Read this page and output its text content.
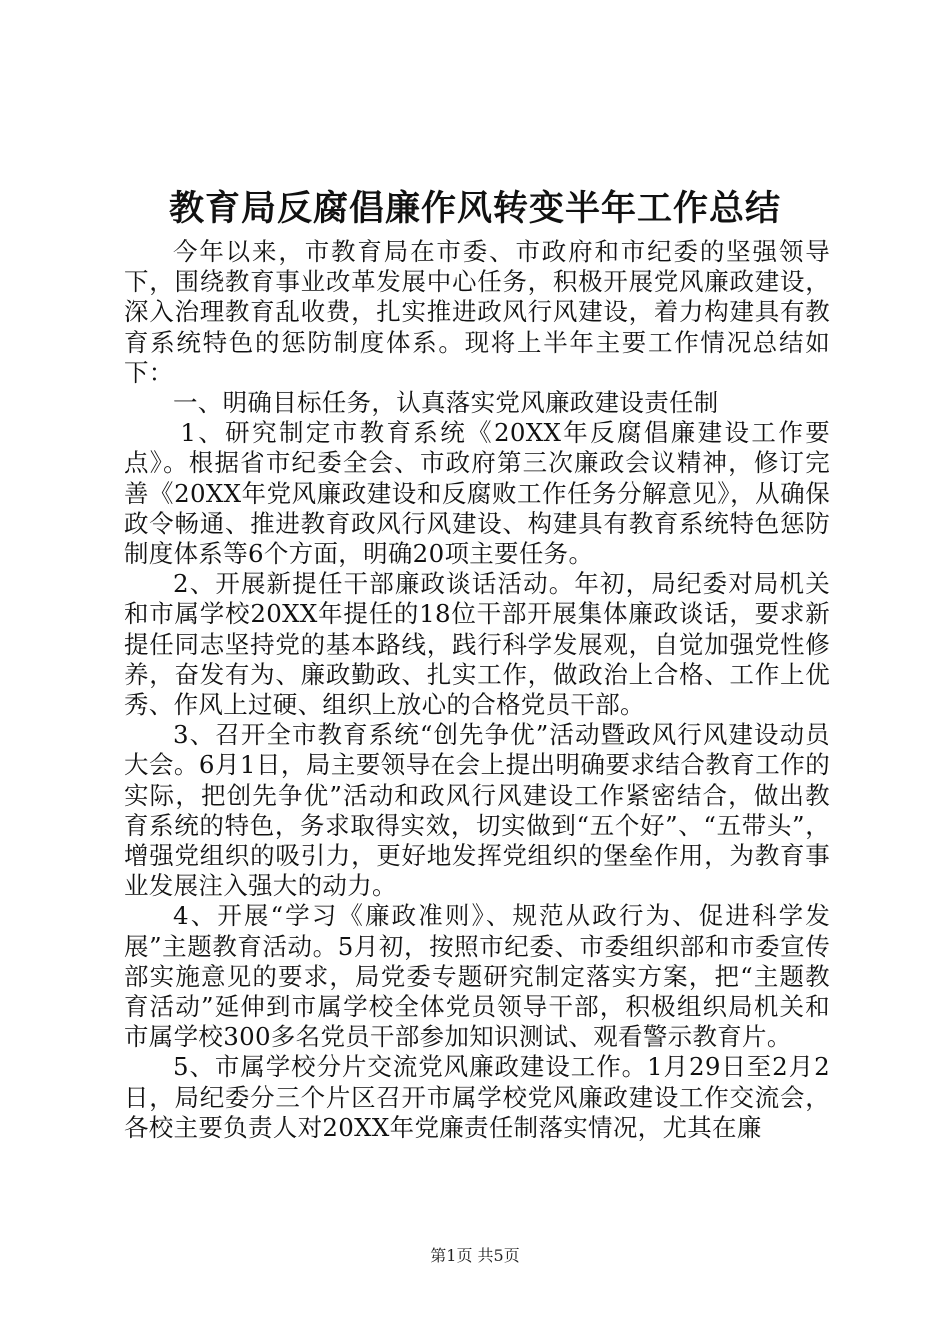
教育局反腐倡廉作风转变半年工作总结

今年以来，市教育局在市委、市政府和市纪委的坚强领导下，围绕教育事业改革发展中心任务，积极开展党风廉政建设，深入治理教育乱收费，扎实推进政风行风建设，着力构建具有教育系统特色的惩防制度体系。现将上半年主要工作情况总结如下：

一、明确目标任务，认真落实党风廉政建设责任制

1、研究制定市教育系统《20XX年反腐倡廉建设工作要点》。根据省市纪委全会、市政府第三次廉政会议精神，修订完善《20XX年党风廉政建设和反腐败工作任务分解意见》，从确保政令畅通、推进教育政风行风建设、构建具有教育系统特色惩防制度体系等6个方面，明确20项主要任务。

2、开展新提任干部廉政谈话活动。年初，局纪委对局机关和市属学校20XX年提任的18位干部开展集体廉政谈话，要求新提任同志坚持党的基本路线，践行科学发展观，自觉加强党性修养，奋发有为、廉政勤政、扎实工作，做政治上合格、工作上优秀、作风上过硬、组织上放心的合格党员干部。

3、召开全市教育系统“创先争优”活动暨政风行风建设动员大会。6月1日，局主要领导在会上提出明确要求结合教育工作的实际，把创先争优”活动和政风行风建设工作紧密结合，做出教育系统的特色，务求取得实效，切实做到“五个好”、“五带头”，增强党组织的吸引力，更好地发挥党组织的堡垒作用，为教育事业发展注入强大的动力。

4、开展“学习《廉政准则》、规范从政行为、促进科学发展”主题教育活动。5月初，按照市纪委、市委组织部和市委宣传部实施意见的要求，局党委专题研究制定落实方案，把“主题教育活动”延伸到市属学校全体党员领导干部，积极组织局机关和市属学校300多名党员干部参加知识测试、观看警示教育片。

5、市属学校分片交流党风廉政建设工作。1月29日至2月2日，局纪委分三个片区召开市属学校党风廉政建设工作交流会，各校主要负责人对20XX年党廉责任制落实情况，尤其在廉

第1页 共5页
